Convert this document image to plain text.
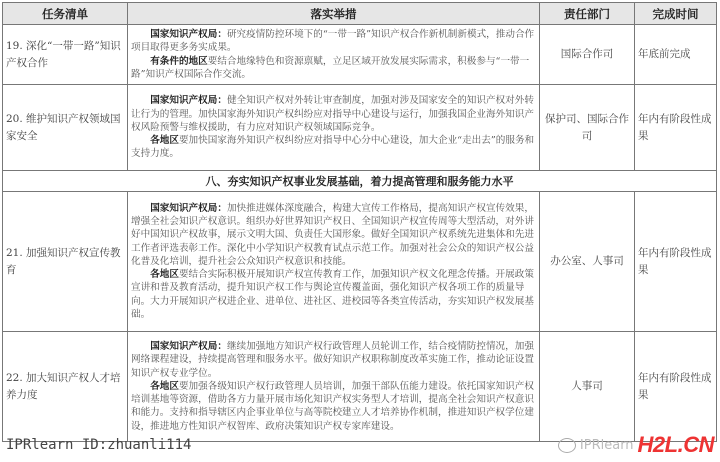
任务清单	落实举措	责任部门	完成时间
19. 深化“一带一路”知识产权合作	国家知识产权局：研究疫情防控环境下的“一带一路”知识产权合作新机制新模式，推动合作项目取得更多务实成果。

有条件的地区要结合地缘特色和资源禀赋，立足区域开放发展实际需求，积极参与“一带一路”知识产权国际合作交流。	国际合作司	年底前完成
20. 维护知识产权领域国家安全	国家知识产权局：健全知识产权对外转让审查制度，加强对涉及国家安全的知识产权对外转让行为的管理。加快国家海外知识产权纠纷应对指导中心建设与运行，加强我国企业海外知识产权风险预警与维权援助，有力应对知识产权领域国际竞争。

各地区要加快国家海外知识产权纠纷应对指导中心分中心建设，加大企业“走出去”的服务和支持力度。	保护司、国际合作司	年内有阶段性成果
八、夯实知识产权事业发展基础，着力提高管理和服务能力水平			
21. 加强知识产权宣传教育	国家知识产权局：加快推进媒体深度融合，构建大宣传工作格局，提高知识产权宣传效果，增强全社会知识产权意识。组织办好世界知识产权日、全国知识产权宣传周等大型活动，对外讲好中国知识产权故事，展示文明大国、负责任大国形象。做好全国知识产权系统先进集体和先进工作者评选表彰工作。深化中小学知识产权教育试点示范工作。加强对社会公众的知识产权公益化普及化培训，提升社会公众知识产权意识和技能。

各地区要结合实际积极开展知识产权宣传教育工作，加强知识产权文化理念传播。开展政策宣讲和普及教育活动，提升知识产权工作与舆论宣传覆盖面，强化知识产权各项工作的质量导向。大力开展知识产权进企业、进单位、进社区、进校园等各类宣传活动，夯实知识产权发展基础。	办公室、人事司	年内有阶段性成果
22. 加大知识产权人才培养力度	国家知识产权局：继续加强地方知识产权行政管理人员轮训工作，结合疫情防控情况，加强网络课程建设，持续提高管理和服务水平。做好知识产权职称制度改革实施工作，推动论证设置知识产权专业学位。

各地区要加强各级知识产权行政管理人员培训，加强干部队伍能力建设。依托国家知识产权培训基地等资源，借助各方力量开展市场化知识产权实务型人才培训，提高全社会知识产权意识和能力。支持和指导辖区内企事业单位与高等院校建立人才培养协作机制，推进知识产权学位建设，推进地方性知识产权智库、政府决策知识产权专家库建设。	人事司	年内有阶段性成果
IPRlearn ID:zhuanli114	IPRlearn H2L.CN
